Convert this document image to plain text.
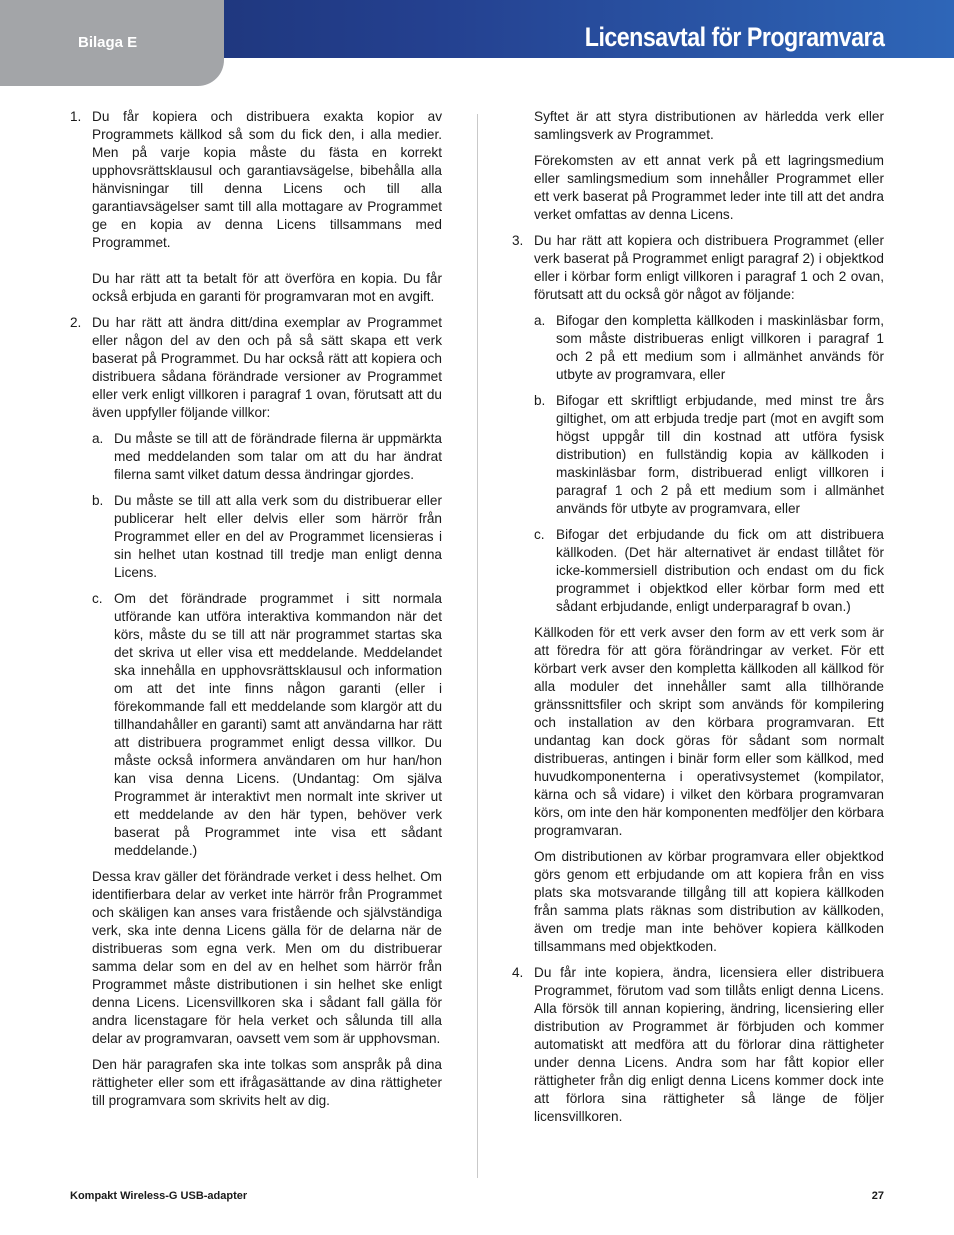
Bilaga E	Licensavtal för Programvara
1. Du får kopiera och distribuera exakta kopior av Programmets källkod så som du fick den, i alla medier. Men på varje kopia måste du fästa en korrekt upphovsrättsklausul och garantiavsägelse, bibehålla alla hänvisningar till denna Licens och till alla garantiavsägelser samt till alla mottagare av Programmet ge en kopia av denna Licens tillsammans med Programmet.

Du har rätt att ta betalt för att överföra en kopia. Du får också erbjuda en garanti för programvaran mot en avgift.

2. Du har rätt att ändra ditt/dina exemplar av Programmet eller någon del av den och på så sätt skapa ett verk baserat på Programmet. Du har också rätt att kopiera och distribuera sådana förändrade versioner av Programmet eller verk enligt villkoren i paragraf 1 ovan, förutsatt att du även uppfyller följande villkor:

a. Du måste se till att de förändrade filerna är uppmärkta med meddelanden som talar om att du har ändrat filerna samt vilket datum dessa ändringar gjordes.

b. Du måste se till att alla verk som du distribuerar eller publicerar helt eller delvis eller som härrör från Programmet eller en del av Programmet licensieras i sin helhet utan kostnad till tredje man enligt denna Licens.

c. Om det förändrade programmet i sitt normala utförande kan utföra interaktiva kommandon när det körs, måste du se till att när programmet startas ska det skriva ut eller visa ett meddelande. Meddelandet ska innehålla en upphovsrättsklausul och information om att det inte finns någon garanti (eller i förekommande fall ett meddelande som klargör att du tillhandahåller en garanti) samt att användarna har rätt att distribuera programmet enligt dessa villkor. Du måste också informera användaren om hur han/hon kan visa denna Licens. (Undantag: Om själva Programmet är interaktivt men normalt inte skriver ut ett meddelande av den här typen, behöver verk baserat på Programmet inte visa ett sådant meddelande.)

Dessa krav gäller det förändrade verket i dess helhet. Om identifierbara delar av verket inte härrör från Programmet och skäligen kan anses vara fristående och självständiga verk, ska inte denna Licens gälla för de delarna när de distribueras som egna verk. Men om du distribuerar samma delar som en del av en helhet som härrör från Programmet måste distributionen i sin helhet ske enligt denna Licens. Licensvillkoren ska i sådant fall gälla för andra licenstagare för hela verket och sålunda till alla delar av programvaran, oavsett vem som är upphovsman.

Den här paragrafen ska inte tolkas som anspråk på dina rättigheter eller som ett ifrågasättande av dina rättigheter till programvara som skrivits helt av dig.

Syftet är att styra distributionen av härledda verk eller samlingsverk av Programmet.

Förekomsten av ett annat verk på ett lagringsmedium eller samlingsmedium som innehåller Programmet eller ett verk baserat på Programmet leder inte till att det andra verket omfattas av denna Licens.

3. Du har rätt att kopiera och distribuera Programmet (eller verk baserat på Programmet enligt paragraf 2) i objektkod eller i körbar form enligt villkoren i paragraf 1 och 2 ovan, förutsatt att du också gör något av följande:

a. Bifogar den kompletta källkoden i maskinläsbar form, som måste distribueras enligt villkoren i paragraf 1 och 2 på ett medium som i allmänhet används för utbyte av programvara, eller

b. Bifogar ett skriftligt erbjudande, med minst tre års giltighet, om att erbjuda tredje part (mot en avgift som högst uppgår till din kostnad att utföra fysisk distribution) en fullständig kopia av källkoden i maskinläsbar form, distribuerad enligt villkoren i paragraf 1 och 2 på ett medium som i allmänhet används för utbyte av programvara, eller

c. Bifogar det erbjudande du fick om att distribuera källkoden. (Det här alternativet är endast tillåtet för icke-kommersiell distribution och endast om du fick programmet i objektkod eller körbar form med ett sådant erbjudande, enligt underparagraf b ovan.)

Källkoden för ett verk avser den form av ett verk som är att föredra för att göra förändringar av verket. För ett körbart verk avser den kompletta källkoden all källkod för alla moduler det innehåller samt alla tillhörande gränssnittsfiler och skript som används för kompilering och installation av den körbara programvaran. Ett undantag kan dock göras för sådant som normalt distribueras, antingen i binär form eller som källkod, med huvudkomponenterna i operativsystemet (kompilator, kärna och så vidare) i vilket den körbara programvaran körs, om inte den här komponenten medföljer den körbara programvaran.

Om distributionen av körbar programvara eller objektkod görs genom ett erbjudande om att kopiera från en viss plats ska motsvarande tillgång till att kopiera källkoden från samma plats räknas som distribution av källkoden, även om tredje man inte behöver kopiera källkoden tillsammans med objektkoden.

4. Du får inte kopiera, ändra, licensiera eller distribuera Programmet, förutom vad som tillåts enligt denna Licens. Alla försök till annan kopiering, ändring, licensiering eller distribution av Programmet är förbjuden och kommer automatiskt att medföra att du förlorar dina rättigheter under denna Licens. Andra som har fått kopior eller rättigheter från dig enligt denna Licens kommer dock inte att förlora sina rättigheter så länge de följer licensvillkoren.

Kompakt Wireless-G USB-adapter	27
